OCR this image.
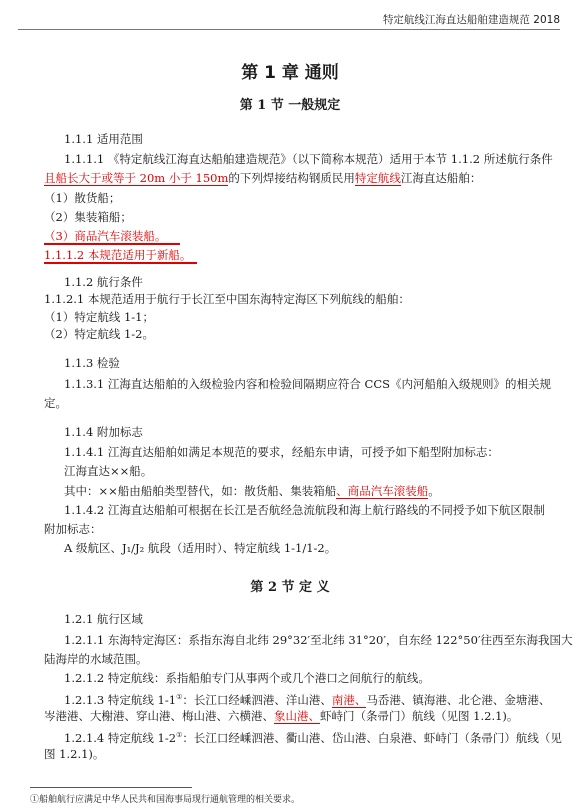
特定航线江海直达船舶建造规范 2018
第 1 章 通则
第 1 节 一般规定
1.1.1 适用范围
1.1.1.1 《特定航线江海直达船舶建造规范》（以下简称本规范）适用于本节 1.1.2 所述航行条件
且船长大于或等于 20m 小于 150m的下列焊接结构钢质民用特定航线江海直达船舶：
（1）散货船；
（2）集装箱船；
（3）商品汽车滚装船。
1.1.1.2 本规范适用于新船。
1.1.2 航行条件
1.1.2.1 本规范适用于航行于长江至中国东海特定海区下列航线的船舶：
（1）特定航线 1-1；
（2）特定航线 1-2。
1.1.3 检验
1.1.3.1 江海直达船舶的入级检验内容和检验间隔期应符合 CCS《内河船舶入级规则》的相关规
定。
1.1.4 附加标志
1.1.4.1 江海直达船舶如满足本规范的要求，经船东申请，可授予如下船型附加标志：
江海直达××船。
其中：××船由船舶类型替代，如：散货船、集装箱船、商品汽车滚装船。
1.1.4.2 江海直达船舶可根据在长江是否航经急流航段和海上航行路线的不同授予如下航区限制
附加标志：
A 级航区、J₁/J₂ 航段（适用时）、特定航线 1-1/1-2。
第 2 节 定 义
1.2.1 航行区域
1.2.1.1 东海特定海区：系指东海自北纬 29°32′至北纬 31°20′，自东经 122°50′往西至东海我国大
陆海岸的水域范围。
1.2.1.2 特定航线：系指船舶专门从事两个或几个港口之间航行的航线。
1.2.1.3 特定航线 1-1①：长江口经嵊泗港、洋山港、南港、马岙港、镇海港、北仑港、金塘港、
岑港港、大榭港、穿山港、梅山港、六横港、象山港、虾峙门（条帚门）航线（见图 1.2.1)。
1.2.1.4 特定航线 1-2①：长江口经嵊泗港、衢山港、岱山港、白泉港、虾峙门（条帚门）航线（见
图 1.2.1)。
①船舶航行应满足中华人民共和国海事局现行通航管理的相关要求。
